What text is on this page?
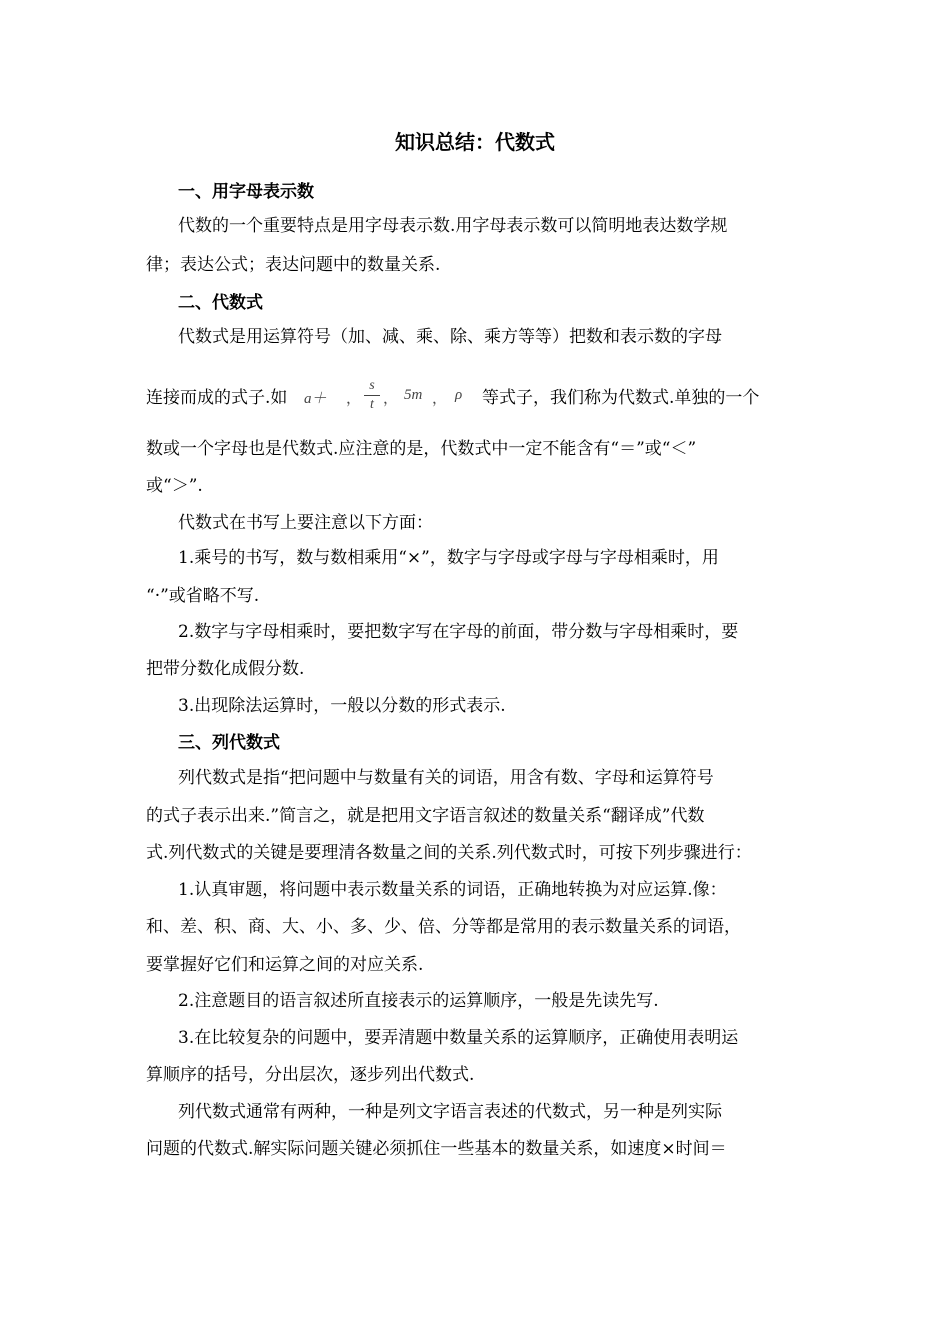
知识总结：代数式
一、用字母表示数
代数的一个重要特点是用字母表示数.用字母表示数可以简明地表达数学规
律；表达公式；表达问题中的数量关系.
二、代数式
代数式是用运算符号（加、减、乘、除、乘方等等）把数和表示数的字母
连接而成的式子.如 a＋ ，
s
t ， 5m ， ρ 等式子，我们称为代数式.单独的一个
数或一个字母也是代数式.应注意的是，代数式中一定不能含有“＝”或“＜”
或“＞”.
代数式在书写上要注意以下方面：
1.乘号的书写，数与数相乘用“×”，数字与字母或字母与字母相乘时，用
“·”或省略不写.
2.数字与字母相乘时，要把数字写在字母的前面，带分数与字母相乘时，要
把带分数化成假分数.
3.出现除法运算时，一般以分数的形式表示.
三、列代数式
列代数式是指“把问题中与数量有关的词语，用含有数、字母和运算符号
的式子表示出来.”简言之，就是把用文字语言叙述的数量关系“翻译成”代数
式.列代数式的关键是要理清各数量之间的关系.列代数式时，可按下列步骤进行：
1.认真审题，将问题中表示数量关系的词语，正确地转换为对应运算.像：
和、差、积、商、大、小、多、少、倍、分等都是常用的表示数量关系的词语，
要掌握好它们和运算之间的对应关系.
2.注意题目的语言叙述所直接表示的运算顺序，一般是先读先写.
3.在比较复杂的问题中，要弄清题中数量关系的运算顺序，正确使用表明运
算顺序的括号，分出层次，逐步列出代数式.
列代数式通常有两种，一种是列文字语言表述的代数式，另一种是列实际
问题的代数式.解实际问题关键必须抓住一些基本的数量关系，如速度×时间＝
